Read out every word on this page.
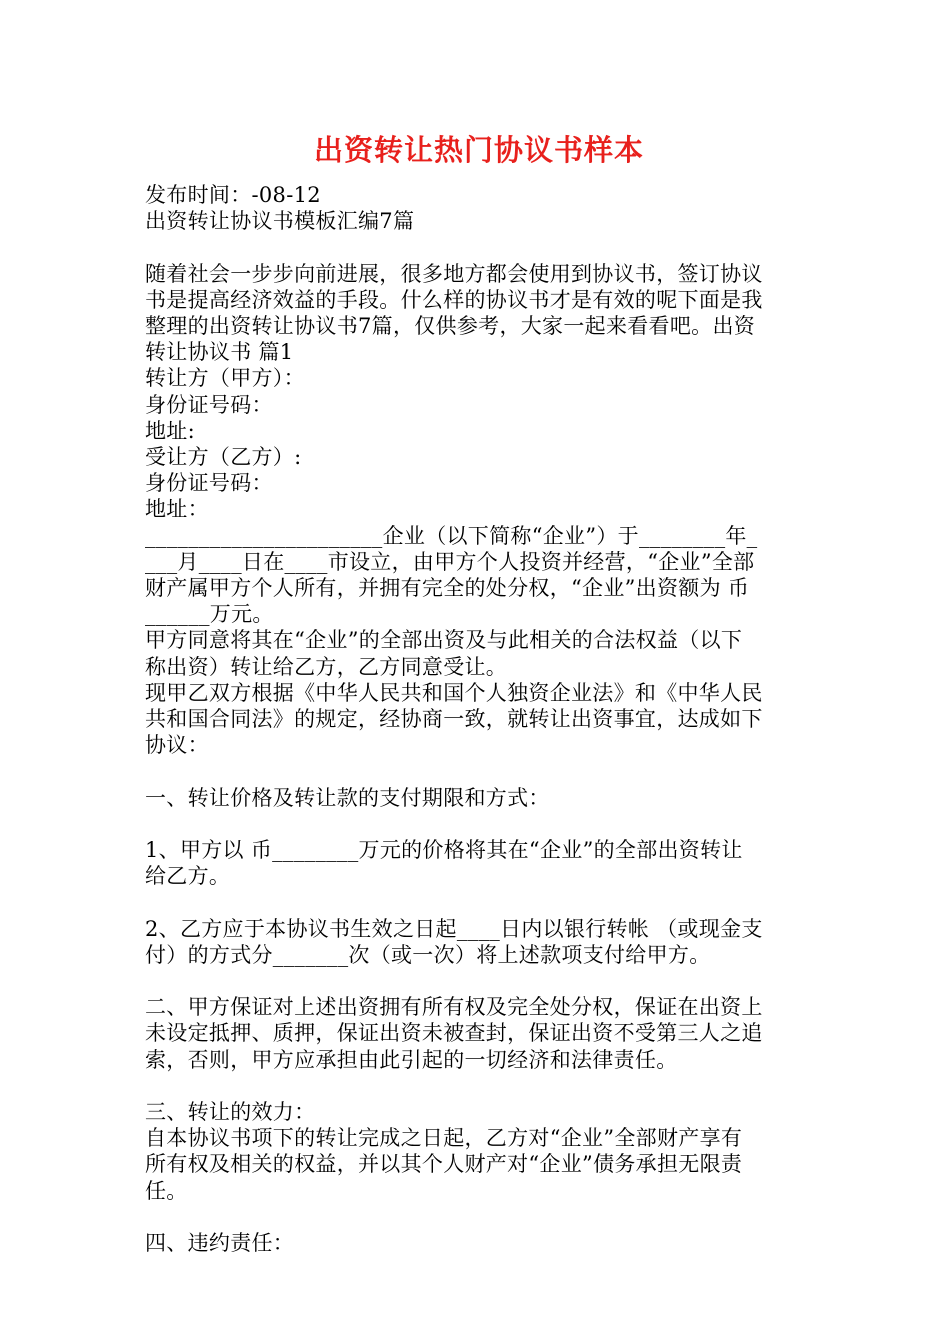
出资转让热门协议书样本

发布时间：-08-12

出资转让协议书模板汇编7篇

随着社会一步步向前进展，很多地方都会使用到协议书，签订协议

书是提高经济效益的手段。什么样的协议书才是有效的呢下面是我

整理的出资转让协议书7篇，仅供参考，大家一起来看看吧。出资

转让协议书 篇1

转让方（甲方）：

身份证号码：

地址:

受让方（乙方）:

身份证号码：

地址：

______________________企业（以下简称“企业”）于________年_

___月____日在____市设立，由甲方个人投资并经营，“企业”全部

财产属甲方个人所有，并拥有完全的处分权，“企业”出资额为 币

______万元。

甲方同意将其在“企业”的全部出资及与此相关的合法权益（以下

称出资）转让给乙方，乙方同意受让。

现甲乙双方根据《中华人民共和国个人独资企业法》和《中华人民

共和国合同法》的规定，经协商一致，就转让出资事宜，达成如下

协议：

一、转让价格及转让款的支付期限和方式：

1、甲方以 币________万元的价格将其在“企业”的全部出资转让

给乙方。

2、乙方应于本协议书生效之日起____日内以银行转帐 （或现金支

付）的方式分_______次（或一次）将上述款项支付给甲方。

二、甲方保证对上述出资拥有所有权及完全处分权，保证在出资上

未设定抵押、质押，保证出资未被查封，保证出资不受第三人之追

索，否则，甲方应承担由此引起的一切经济和法律责任。

三、转让的效力：

自本协议书项下的转让完成之日起，乙方对“企业”全部财产享有

所有权及相关的权益，并以其个人财产对“企业”债务承担无限责

任。

四、违约责任：
